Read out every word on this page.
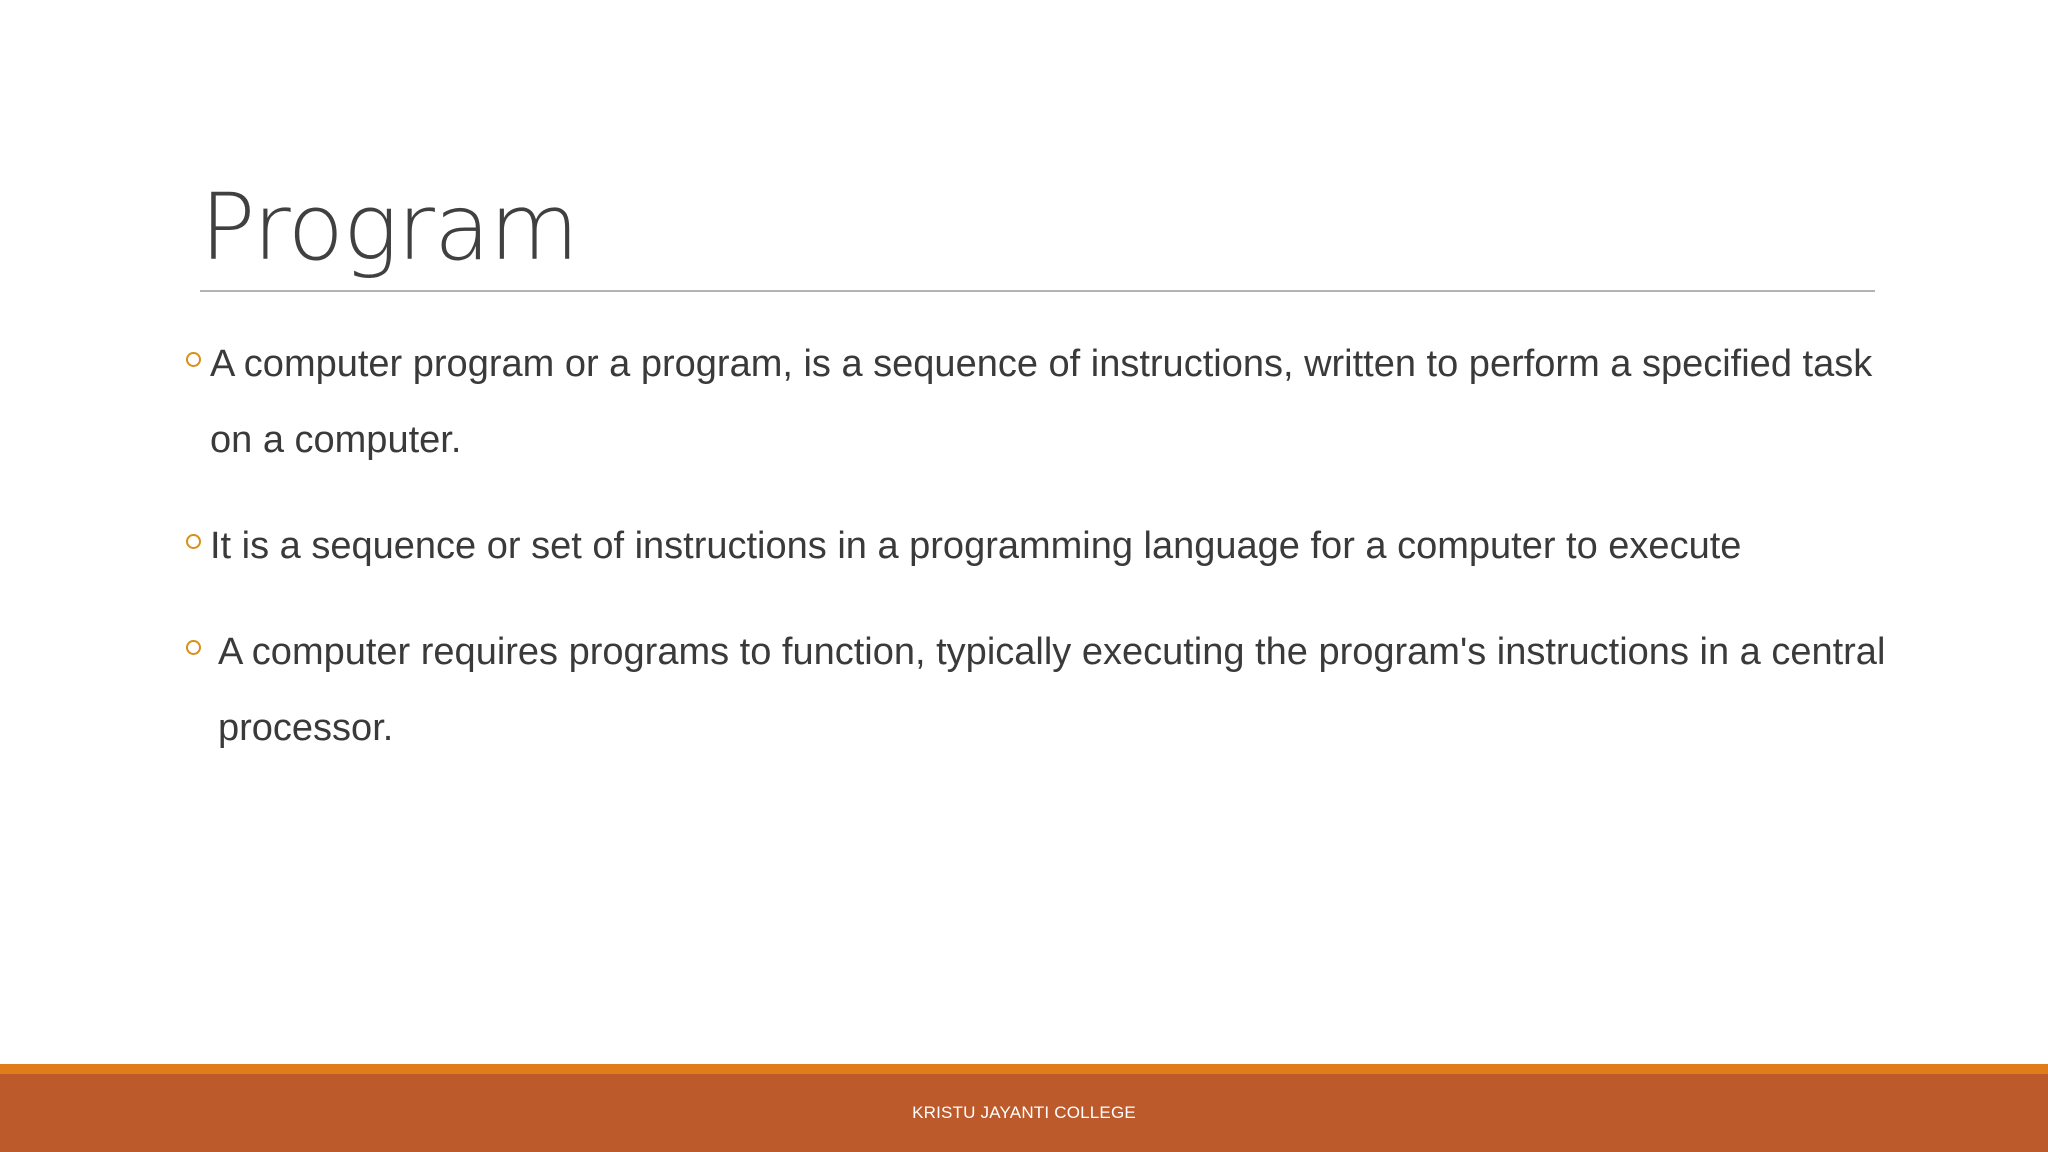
Program
A computer program or a program, is a sequence of instructions, written to perform a specified task on a computer.
It is a sequence or set of instructions in a programming language for a computer to execute
A computer requires programs to function, typically executing the program's instructions in a central processor.
KRISTU JAYANTI COLLEGE
